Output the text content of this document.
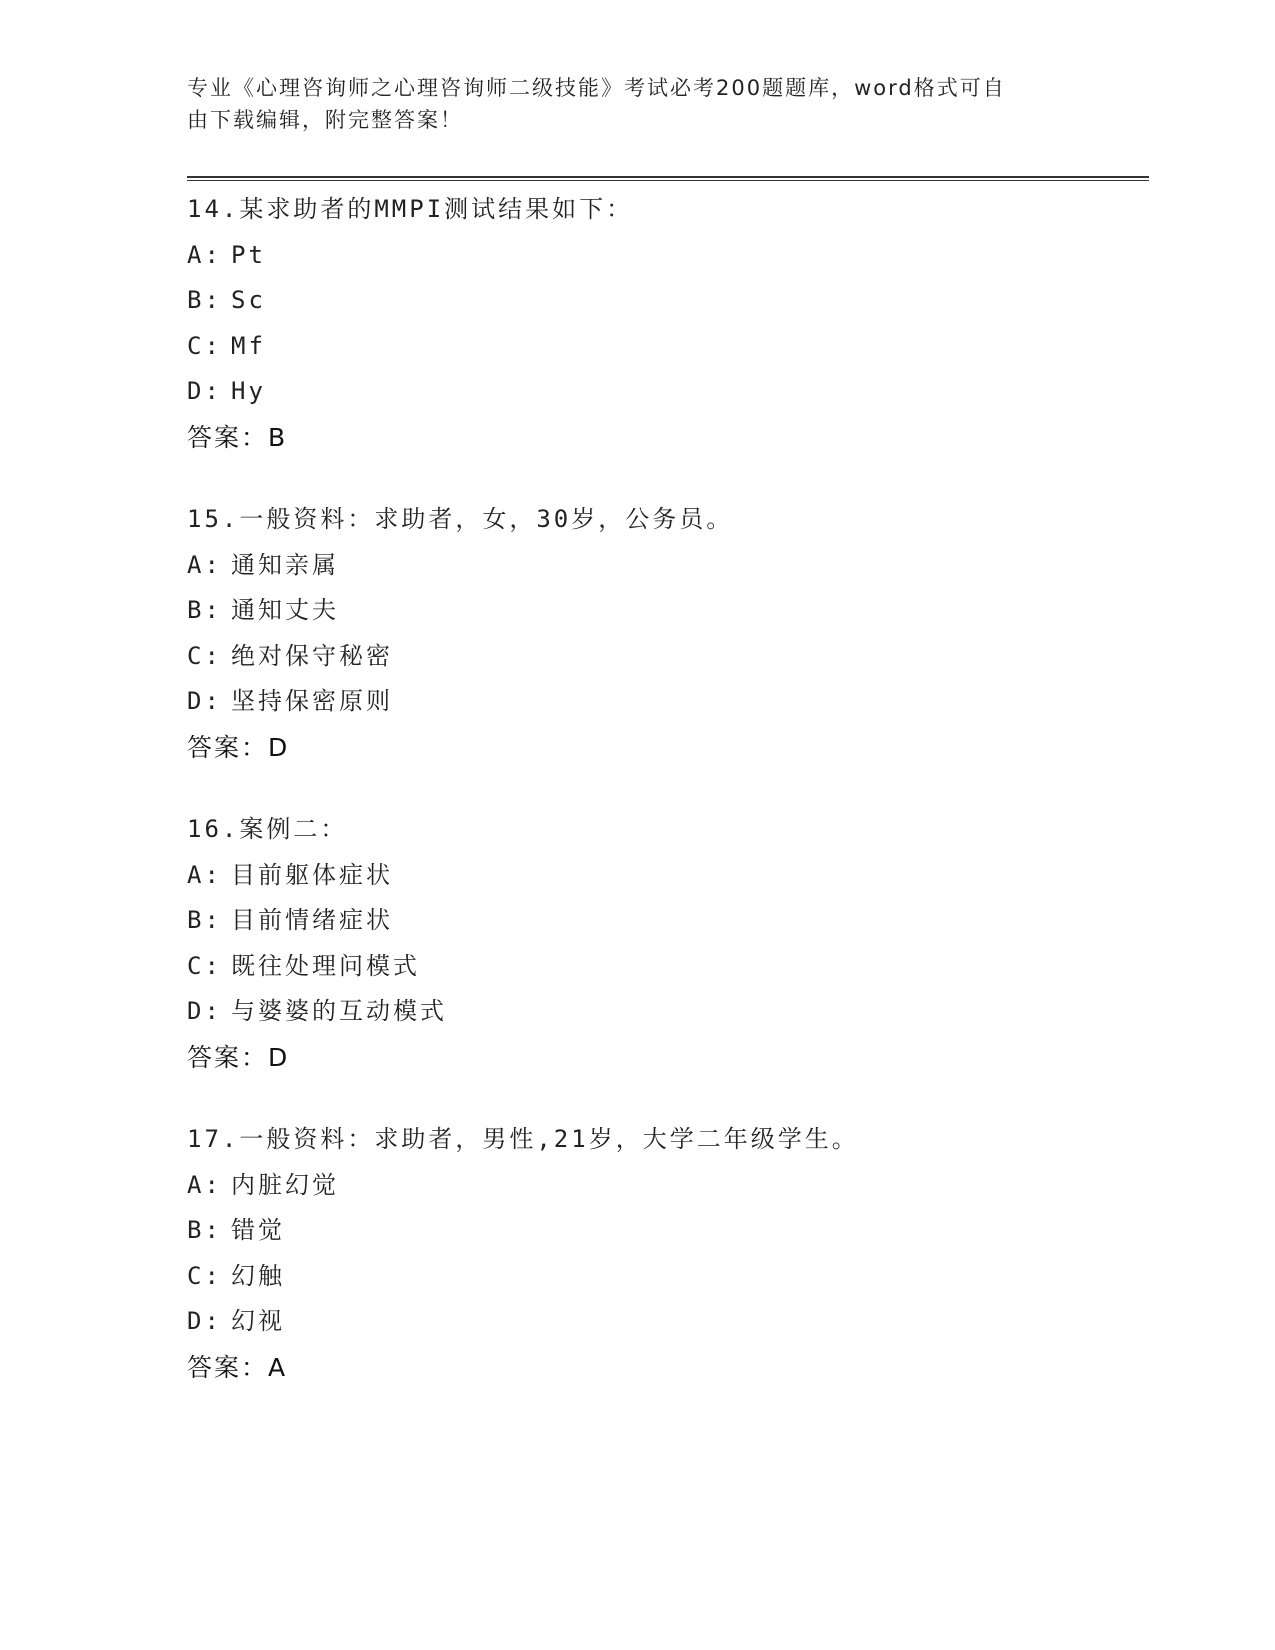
专业《心理咨询师之心理咨询师二级技能》考试必考200题题库，word格式可自
由下载编辑，附完整答案！
14.某求助者的MMPI测试结果如下：
A: Pt
B: Sc
C: Mf
D: Hy
答案：B
15.一般资料：求助者，女，30岁，公务员。
A: 通知亲属
B: 通知丈夫
C: 绝对保守秘密
D: 坚持保密原则
答案：D
16.案例二：
A: 目前躯体症状
B: 目前情绪症状
C: 既往处理问模式
D: 与婆婆的互动模式
答案：D
17.一般资料：求助者，男性,21岁，大学二年级学生。
A: 内脏幻觉
B: 错觉
C: 幻触
D: 幻视
答案：A
